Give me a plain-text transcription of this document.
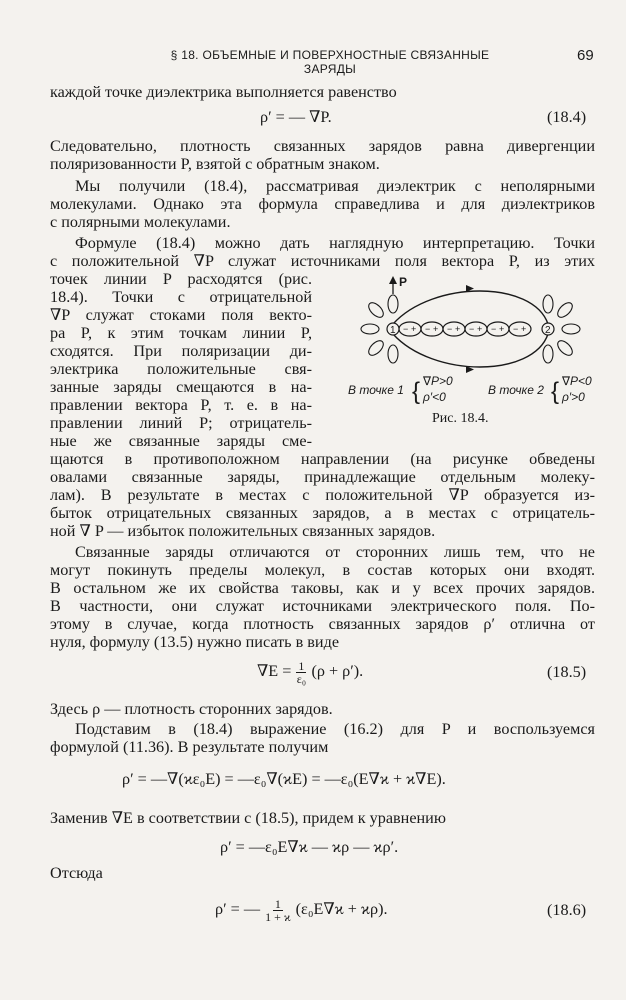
§ 18. ОБЪЕМНЫЕ И ПОВЕРХНОСТНЫЕ СВЯЗАННЫЕ ЗАРЯДЫ
69
каждой точке диэлектрика выполняется равенство
ρ′ = — ∇P.	(18.4)
Следовательно, плотность связанных зарядов равна дивергенции
поляризованности P, взятой с обратным знаком.
Мы получили (18.4), рассматривая диэлектрик с неполярными
молекулами. Однако эта формула справедлива и для диэлектриков
с полярными молекулами.
Формуле (18.4) можно дать наглядную интерпретацию. Точки
с положительной ∇P служат источниками поля вектора P, из этих
точек линии P расходятся (рис.
18.4). Точки с отрицательной
∇P служат стоками поля векто-
ра P, к этим точкам линии P,
сходятся. При поляризации ди-
электрика положительные свя-
занные заряды смещаются в на-
правлении вектора P, т. е. в на-
правлении линий P; отрицатель-
ные же связанные заряды сме-
− + − + − + − + − + − +
1
P
2
В точке 1 { ∇P>0
ρ′<0	В точке 2 { ∇P<0
ρ′>0
Рис. 18.4.
щаются в противоположном направлении (на рисунке обведены
овалами связанные заряды, принадлежащие отдельным молеку-
лам). В результате в местах с положительной ∇P образуется из-
быток отрицательных связанных зарядов, а в местах с отрицатель-
ной ∇ P — избыток положительных связанных зарядов.
Связанные заряды отличаются от сторонних лишь тем, что не
могут покинуть пределы молекул, в состав которых они входят.
В остальном же их свойства таковы, как и у всех прочих зарядов.
В частности, они служат источниками электрического поля. По-
этому в случае, когда плотность связанных зарядов ρ′ отлична от
нуля, формулу (13.5) нужно писать в виде
$\nabla E = \frac{1}{\text{ε₀}} (\rho + \rho')$.	(18.5)
Здесь ρ — плотность сторонних зарядов.
Подставим в (18.4) выражение (16.2) для P и воспользуемся
формулой (11.36). В результате получим
ρ′ = —∇(ϰε₀E) = —ε₀∇(ϰE) = —ε₀(E∇ϰ + ϰ∇E).
Заменив ∇E в соответствии с (18.5), придем к уравнению
ρ′ = —ε₀E∇ϰ — ϰρ — ϰρ′.
Отсюда
ρ′ = — $\frac{1}{1 + ϰ} (\varepsilon_0E\nabla ϰ + ϰ\rho)$.	(18.6)
